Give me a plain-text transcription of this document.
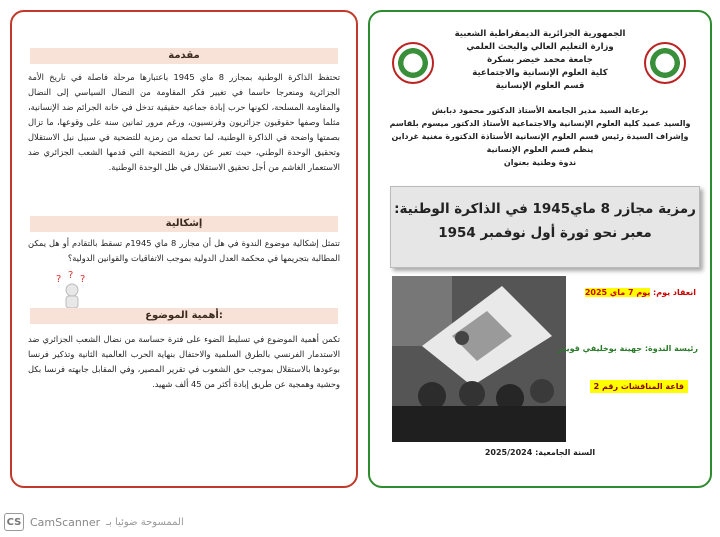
مقدمة
تحتفظ الذاكرة الوطنية بمجازر 8 ماي 1945 باعتبارها مرحلة فاصلة في تاريخ الأمة الجزائرية ومنعرجا حاسما في تغيير فكر المقاومة من النضال السياسي إلى النضال والمقاومة المسلحة، لكونها حرب إبادة جماعية حقيقية تدخل في خانة الجرائم ضد الإنسانية، مثلما وصفها حقوقيون جزائريون وفرنسيون، ورغم مرور ثمانين سنة على وقوعها، ما تزال بصمتها واضحة في الذاكرة الوطنية، لما تحمله من رمزية للتضحية في سبيل نيل الاستقلال وتحقيق الوحدة الوطني، حيث تعبر عن رمزية التضحية التي قدمها الشعب الجزائري ضد الاستعمار الغاشم من أجل تحقيق الاستقلال في ظل الوحدة الوطنية.
إشكالية
تتمثل إشكالية موضوع الندوة في هل أن مجازر 8 ماي 1945م تسقط بالتقادم أو هل يمكن المطالبة بتجريمها في محكمة العدل الدولية بموجب الاتفاقيات والقوانين الدولية؟
? ? ?
أهمية الموضوع:
تكمن أهمية الموضوع في تسليط الضوء على فترة حساسة من نضال الشعب الجزائري ضد الاستدمار الفرنسي بالطرق السلمية والاحتفال بنهاية الحرب العالمية الثانية وتذكير فرنسا بوعودها بالاستقلال بموجب حق الشعوب في تقرير المصير، وفي المقابل جابهته فرنسا بكل وحشية وهمجية عن طريق إبادة أكثر من 45 ألف شهيد.
الجمهورية الجزائرية الديمقراطية الشعبية
وزارة التعليم العالي والبحث العلمي
جامعة محمد خيضر بسكرة
كلية العلوم الإنسانية والاجتماعية
قسم العلوم الإنسانية
برعاية السيد مدير الجامعة الأستاذ الدكتور محمود دبابش
والسيد عميد كلية العلوم الإنسانية والاجتماعية الأستاذ الدكتور ميسوم بلقاسم
وإشراف السيدة رئيس قسم العلوم الإنسانية الأستاذة الدكتورة مغنية غرداين
ينظم قسم العلوم الإنسانية
ندوة وطنية بعنوان
رمزية مجازر 8 ماي1945 في الذاكرة الوطنية:
معبر نحو ثورة أول نوفمبر 1954
انعقاد يوم: يوم 7 ماي 2025
رئيسة الندوة: جهينة بوخليفي قويدر
قاعة المناقشات رقم 2
السنة الجامعية: 2025/2024
CS CamScanner الممسوحة ضوئيا بـ
